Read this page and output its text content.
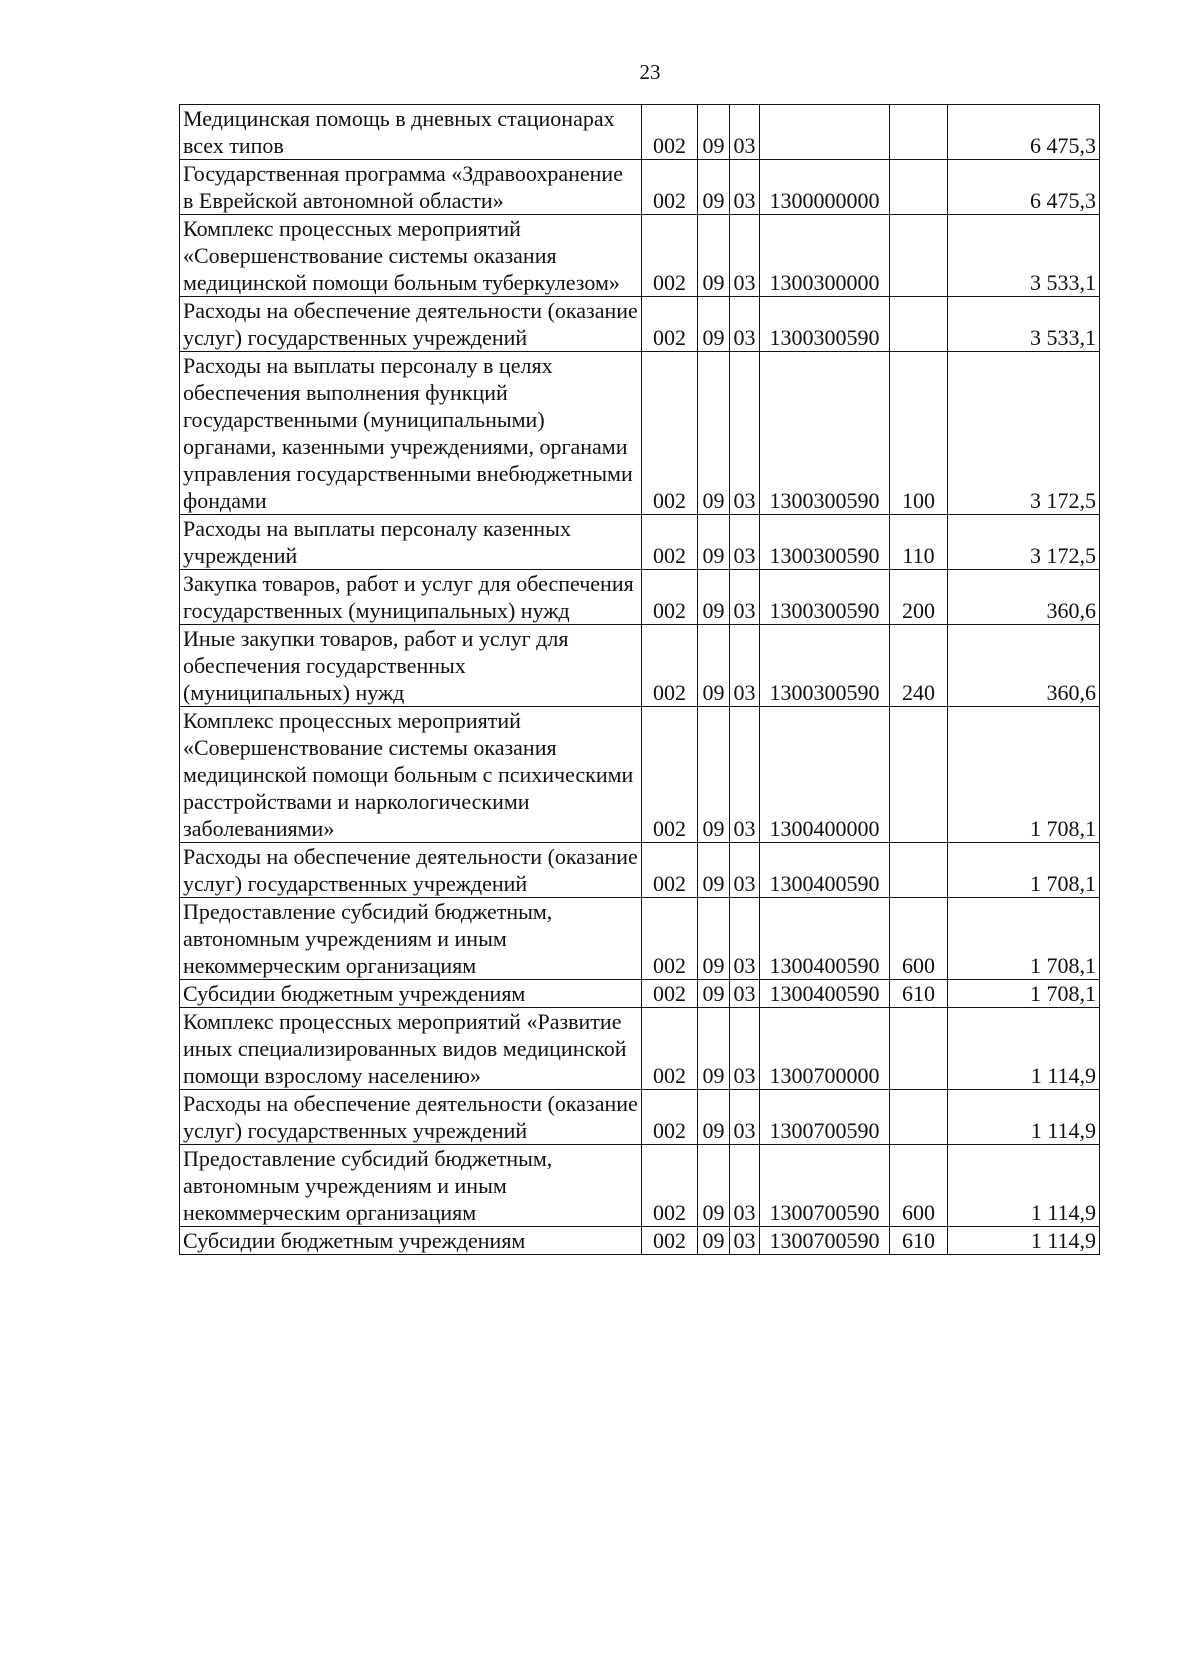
23
Медицинская помощь в дневных стационарах всех типов	002	09	03			6 475,3
Государственная программа «Здравоохранение в Еврейской автономной области»	002	09	03	1300000000		6 475,3
Комплекс процессных мероприятий «Совершенствование системы оказания медицинской помощи больным туберкулезом»	002	09	03	1300300000		3 533,1
Расходы на обеспечение деятельности (оказание услуг) государственных учреждений	002	09	03	1300300590		3 533,1
Расходы на выплаты персоналу в целях обеспечения выполнения функций государственными (муниципальными) органами, казенными учреждениями, органами управления государственными внебюджетными фондами	002	09	03	1300300590	100	3 172,5
Расходы на выплаты персоналу казенных учреждений	002	09	03	1300300590	110	3 172,5
Закупка товаров, работ и услуг для обеспечения государственных (муниципальных) нужд	002	09	03	1300300590	200	360,6
Иные закупки товаров, работ и услуг для обеспечения государственных (муниципальных) нужд	002	09	03	1300300590	240	360,6
Комплекс процессных мероприятий «Совершенствование системы оказания медицинской помощи больным с психическими расстройствами и наркологическими заболеваниями»	002	09	03	1300400000		1 708,1
Расходы на обеспечение деятельности (оказание услуг) государственных учреждений	002	09	03	1300400590		1 708,1
Предоставление субсидий бюджетным, автономным учреждениям и иным некоммерческим организациям	002	09	03	1300400590	600	1 708,1
Субсидии бюджетным учреждениям	002	09	03	1300400590	610	1 708,1
Комплекс процессных мероприятий «Развитие иных специализированных видов медицинской помощи взрослому населению»	002	09	03	1300700000		1 114,9
Расходы на обеспечение деятельности (оказание услуг) государственных учреждений	002	09	03	1300700590		1 114,9
Предоставление субсидий бюджетным, автономным учреждениям и иным некоммерческим организациям	002	09	03	1300700590	600	1 114,9
Субсидии бюджетным учреждениям	002	09	03	1300700590	610	1 114,9
